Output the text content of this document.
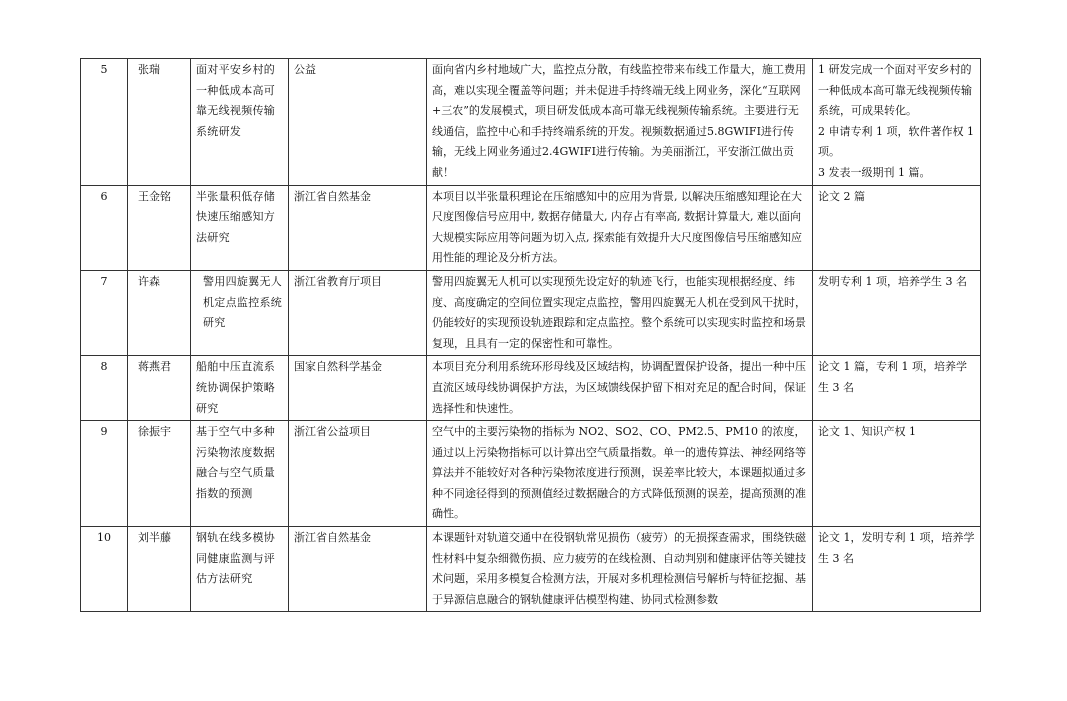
5	张瑞	面对平安乡村的一种低成本高可靠无线视频传输系统研发	公益	面向省内乡村地域广大，监控点分散，有线监控带来布线工作量大，施工费用高，难以实现全覆盖等问题；并未促进手持终端无线上网业务，深化“互联网+三农”的发展模式，项目研发低成本高可靠无线视频传输系统。主要进行无线通信，监控中心和手持终端系统的开发。视频数据通过5.8GWIFI进行传输，无线上网业务通过2.4GWIFI进行传输。为美丽浙江，平安浙江做出贡献！	1 研发完成一个面对平安乡村的一种低成本高可靠无线视频传输系统，可成果转化。
2 申请专利 1 项，软件著作权 1 项。
3 发表一级期刊 1 篇。

6	王金铭	半张量积低存储快速压缩感知方法研究	浙江省自然基金	本项目以半张量积理论在压缩感知中的应用为背景, 以解决压缩感知理论在大尺度图像信号应用中, 数据存储量大, 内存占有率高, 数据计算量大, 难以面向大规模实际应用等问题为切入点, 探索能有效提升大尺度图像信号压缩感知应用性能的理论及分析方法。	论文 2 篇
7	许森	警用四旋翼无人机定点监控系统研究	浙江省教育厅项目	警用四旋翼无人机可以实现预先设定好的轨迹飞行，也能实现根据经度、纬度、高度确定的空间位置实现定点监控，警用四旋翼无人机在受到风干扰时，仍能较好的实现预设轨迹跟踪和定点监控。整个系统可以实现实时监控和场景复现，且具有一定的保密性和可靠性。	发明专利 1 项，培养学生 3 名
8	蒋燕君	船舶中压直流系统协调保护策略研究	国家自然科学基金	本项目充分利用系统环形母线及区域结构，协调配置保护设备，提出一种中压直流区域母线协调保护方法，为区域馈线保护留下相对充足的配合时间，保证选择性和快速性。	论文 1 篇，专利 1 项，培养学生 3 名
9	徐振宇	基于空气中多种污染物浓度数据融合与空气质量指数的预测	浙江省公益项目	空气中的主要污染物的指标为 NO2、SO2、CO、PM2.5、PM10 的浓度，通过以上污染物指标可以计算出空气质量指数。单一的遗传算法、神经网络等算法并不能较好对各种污染物浓度进行预测，误差率比较大，本课题拟通过多种不同途径得到的预测值经过数据融合的方式降低预测的误差，提高预测的准确性。	论文 1、知识产权 1
10	刘半藤	钢轨在线多模协同健康监测与评估方法研究	浙江省自然基金	本课题针对轨道交通中在役钢轨常见损伤（疲劳）的无损探查需求，围绕铁磁性材料中复杂细微伤损、应力疲劳的在线检测、自动判别和健康评估等关键技术问题，采用多模复合检测方法，开展对多机理检测信号解析与特征挖掘、基于异源信息融合的钢轨健康评估模型构建、协同式检测参数	论文 1，发明专利 1 项，培养学生 3 名
